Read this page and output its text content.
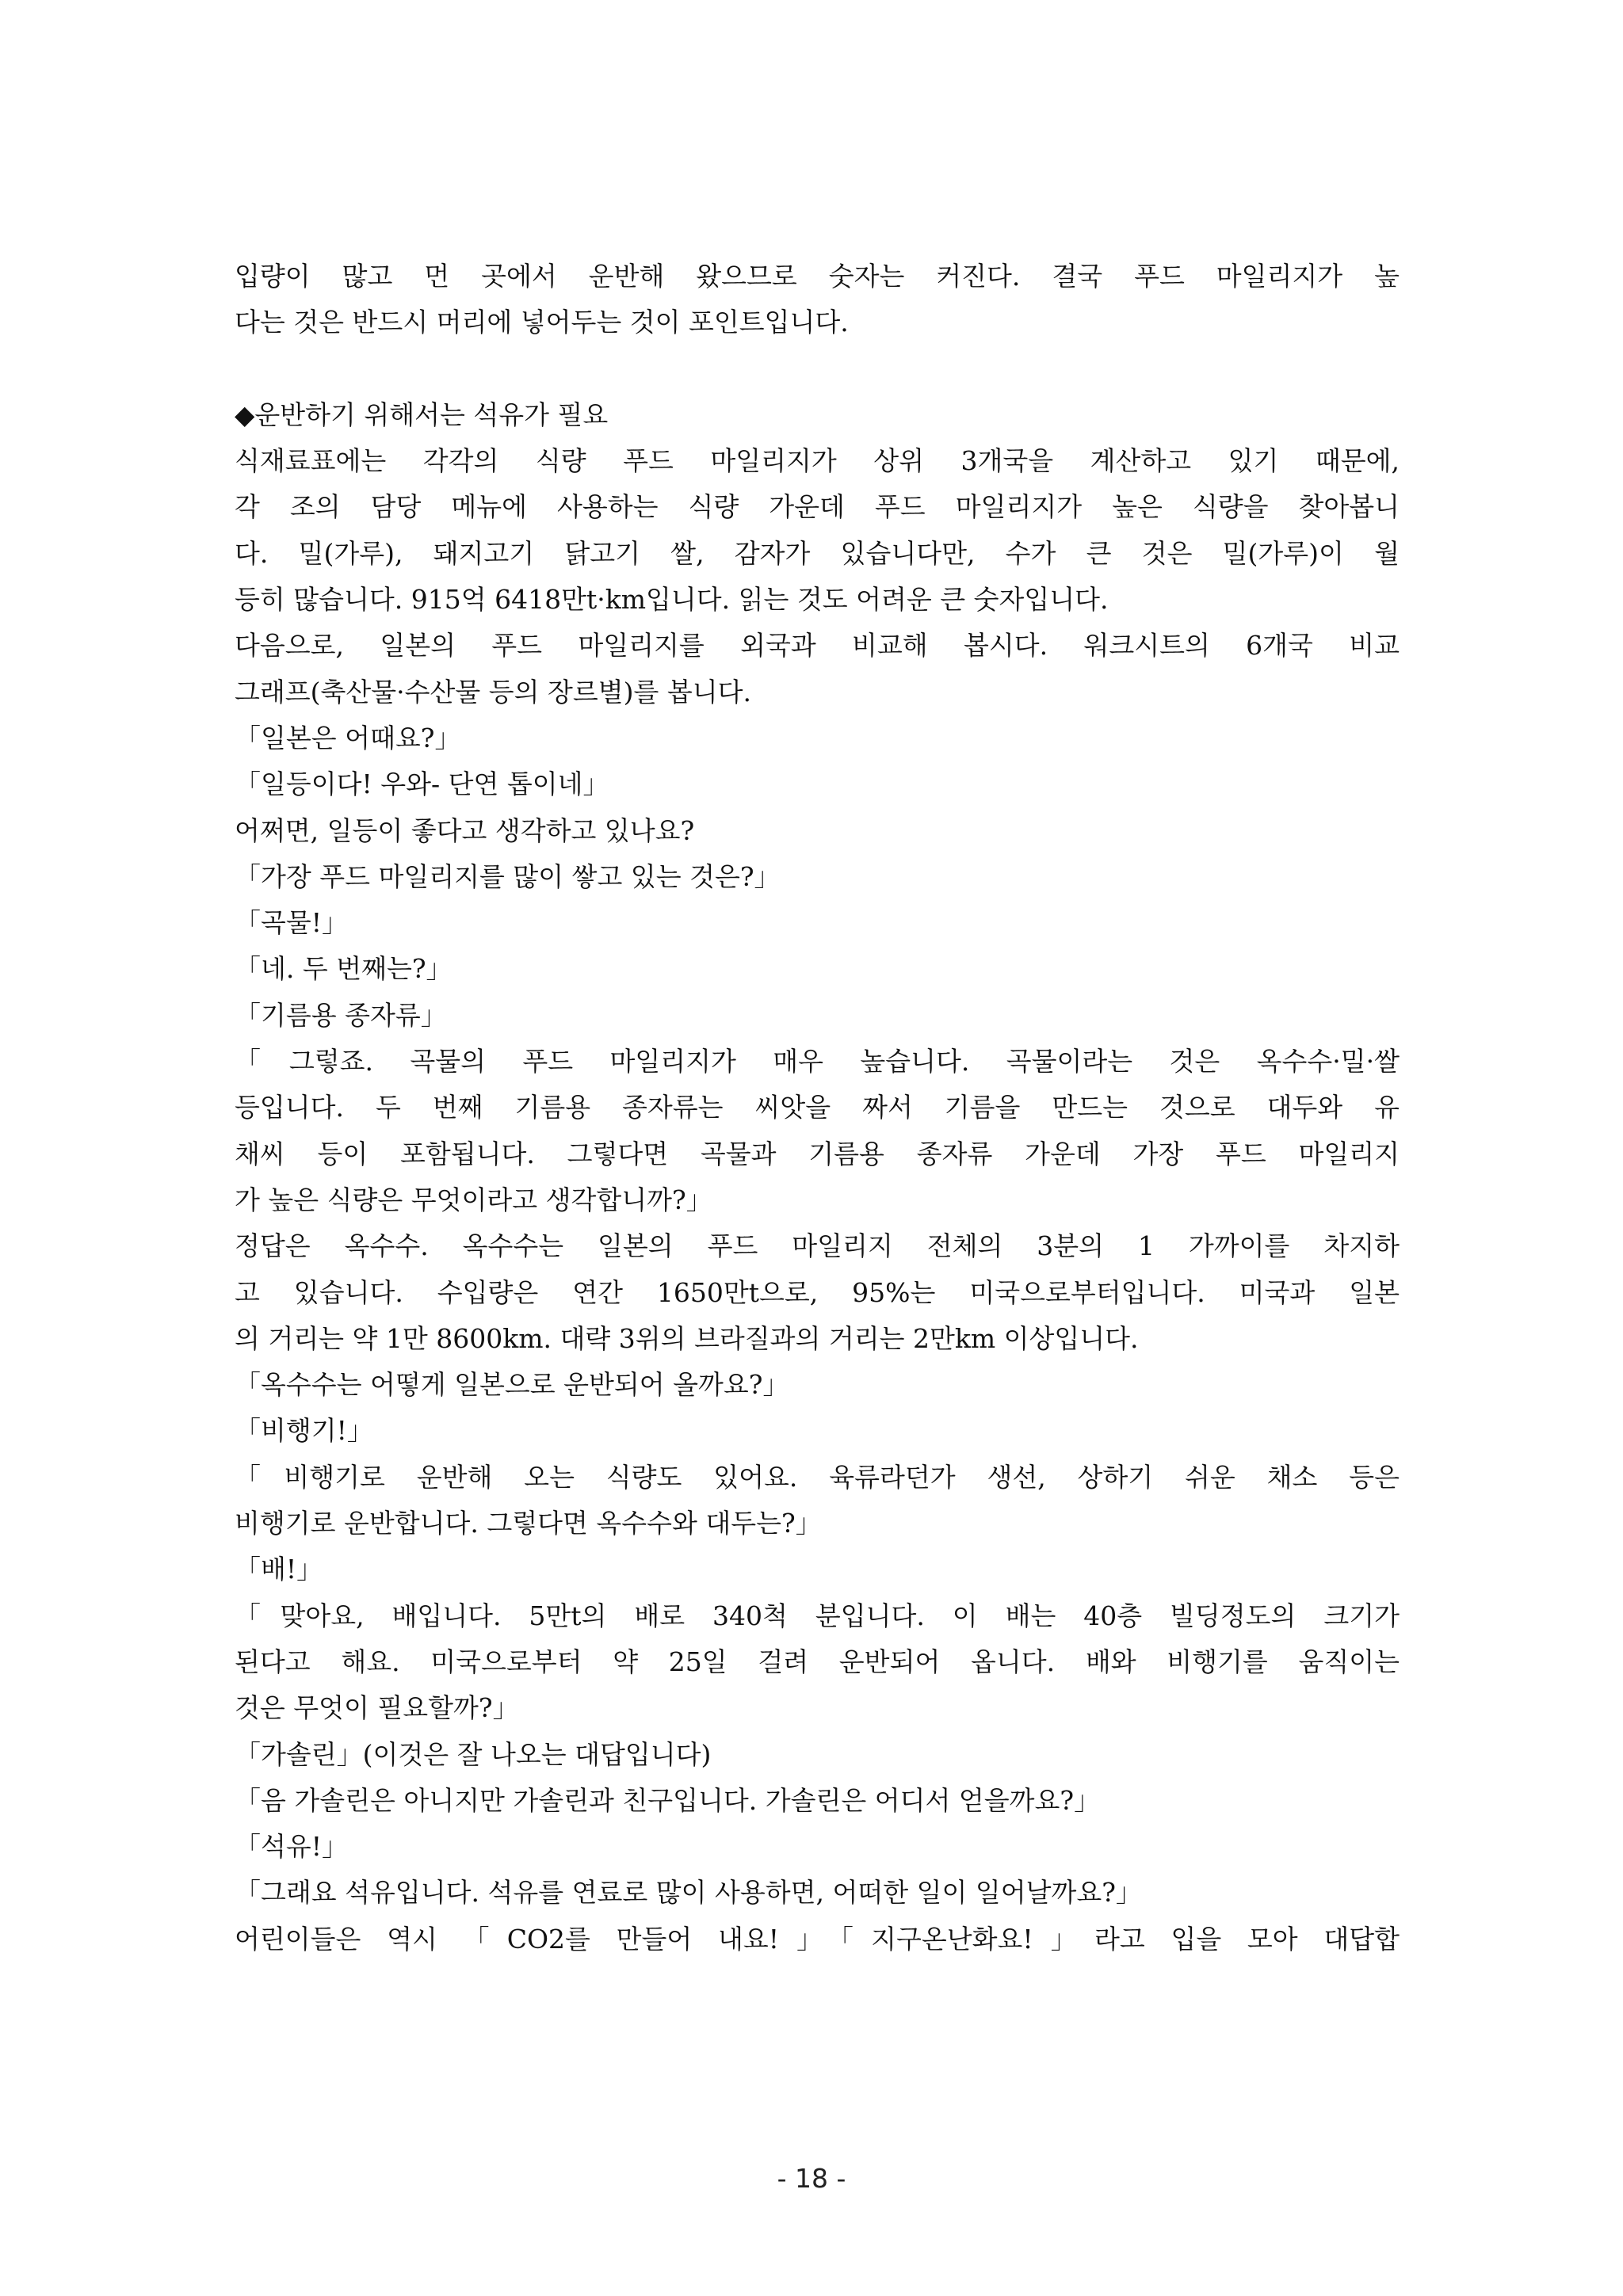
입량이 많고 먼 곳에서 운반해 왔으므로 숫자는 커진다. 결국 푸드 마일리지가 높
다는 것은 반드시 머리에 넣어두는 것이 포인트입니다.
◆운반하기 위해서는 석유가 필요
식재료표에는 각각의 식량 푸드 마일리지가 상위 3개국을 계산하고 있기 때문에,
각 조의 담당 메뉴에 사용하는 식량 가운데 푸드 마일리지가 높은 식량을 찾아봅니
다. 밀(가루), 돼지고기 닭고기 쌀, 감자가 있습니다만, 수가 큰 것은 밀(가루)이 월
등히 많습니다. 915억 6418만t·km입니다. 읽는 것도 어려운 큰 숫자입니다.
다음으로, 일본의 푸드 마일리지를 외국과 비교해 봅시다. 워크시트의 6개국 비교
그래프(축산물·수산물 등의 장르별)를 봅니다.
「일본은 어때요?」
「일등이다! 우와- 단연 톱이네」
어쩌면, 일등이 좋다고 생각하고 있나요?
「가장 푸드 마일리지를 많이 쌓고 있는 것은?」
「곡물!」
「네. 두 번째는?」
「기름용 종자류」
「그렇죠. 곡물의 푸드 마일리지가 매우 높습니다. 곡물이라는 것은 옥수수·밀·쌀
등입니다. 두 번째 기름용 종자류는 씨앗을 짜서 기름을 만드는 것으로 대두와 유
채씨 등이 포함됩니다. 그렇다면 곡물과 기름용 종자류 가운데 가장 푸드 마일리지
가 높은 식량은 무엇이라고 생각합니까?」
정답은 옥수수. 옥수수는 일본의 푸드 마일리지 전체의 3분의 1 가까이를 차지하
고 있습니다. 수입량은 연간 1650만t으로, 95%는 미국으로부터입니다. 미국과 일본
의 거리는 약 1만 8600km. 대략 3위의 브라질과의 거리는 2만km 이상입니다.
「옥수수는 어떻게 일본으로 운반되어 올까요?」
「비행기!」
「비행기로 운반해 오는 식량도 있어요. 육류라던가 생선, 상하기 쉬운 채소 등은
비행기로 운반합니다. 그렇다면 옥수수와 대두는?」
「배!」
「맞아요, 배입니다. 5만t의 배로 340척 분입니다. 이 배는 40층 빌딩정도의 크기가
된다고 해요. 미국으로부터 약 25일 걸려 운반되어 옵니다. 배와 비행기를 움직이는
것은 무엇이 필요할까?」
「가솔린」(이것은 잘 나오는 대답입니다)
「음 가솔린은 아니지만 가솔린과 친구입니다. 가솔린은 어디서 얻을까요?」
「석유!」
「그래요 석유입니다. 석유를 연료로 많이 사용하면, 어떠한 일이 일어날까요?」
어린이들은 역시 「CO2를 만들어 내요!」「지구온난화요!」라고 입을 모아 대답합
- 18 -
